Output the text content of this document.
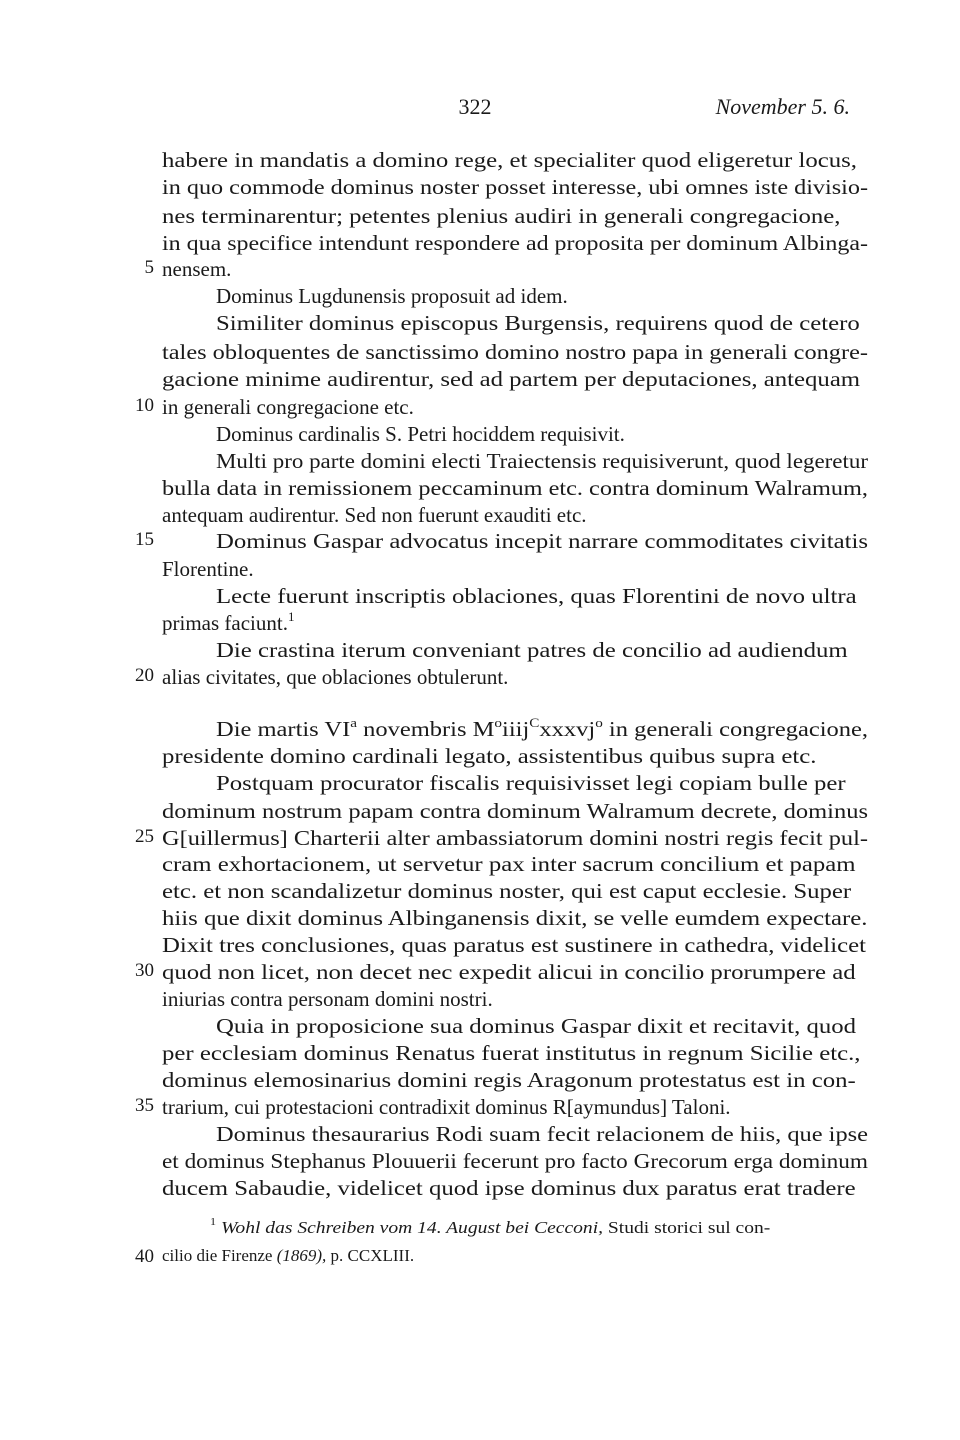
322	November 5. 6.
habere in mandatis a domino rege, et specialiter quod eligeretur locus,
in quo commode dominus noster posset interesse, ubi omnes iste divisio-
nes terminarentur; petentes plenius audiri in generali congregacione,
in qua specifice intendunt respondere ad proposita per dominum Albinga-
5 nensem.
Dominus Lugdunensis proposuit ad idem.
Similiter dominus episcopus Burgensis, requirens quod de cetero
tales obloquentes de sanctissimo domino nostro papa in generali congre-
gacione minime audirentur, sed ad partem per deputaciones, antequam
10 in generali congregacione etc.
Dominus cardinalis S. Petri hociddem requisivit.
Multi pro parte domini electi Traiectensis requisiverunt, quod legeretur
bulla data in remissionem peccaminum etc. contra dominum Walramum,
antequam audirentur. Sed non fuerunt exauditi etc.
15	Dominus Gaspar advocatus incepit narrare commoditates civitatis
Florentine.
Lecte fuerunt inscriptis oblaciones, quas Florentini de novo ultra
primas faciunt.$^1$
Die crastina iterum conveniant patres de concilio ad audiendum
20 alias civitates, que oblaciones obtulerunt.
Die martis $VI^a$ novembris $M^oiiij^Cxxxvj^o$ in generali congregacione,
presidente domino cardinali legato, assistentibus quibus supra etc.
Postquam procurator fiscalis requisivisset legi copiam bulle per
dominum nostrum papam contra dominum Walramum decrete, dominus
25 G[uillermus] Charterii alter ambassiatorum domini nostri regis fecit pul-
cram exhortacionem, ut servetur pax inter sacrum concilium et papam
etc. et non scandalizetur dominus noster, qui est caput ecclesie. Super
hiis que dixit dominus Albinganensis dixit, se velle eumdem expectare.
Dixit tres conclusiones, quas paratus est sustinere in cathedra, videlicet
30 quod non licet, non decet nec expedit alicui in concilio prorumpere ad
iniurias contra personam domini nostri.
Quia in proposicione sua dominus Gaspar dixit et recitavit, quod
per ecclesiam dominus Renatus fuerat institutus in regnum Sicilie etc.,
dominus elemosinarius domini regis Aragonum protestatus est in con-
35 trarium, cui protestacioni contradixit dominus R[aymundus] Taloni.
Dominus thesaurarius Rodi suam fecit relacionem de hiis, que ipse
et dominus Stephanus Plouuerii fecerunt pro facto Grecorum erga dominum
ducem Sabaudie, videlicet quod ipse dominus dux paratus erat tradere
$^1$ Wohl das Schreiben vom 14. August bei Cecconi, Studi storici sul con-
40 cilio die Firenze (1869), p. CCXLIII.
